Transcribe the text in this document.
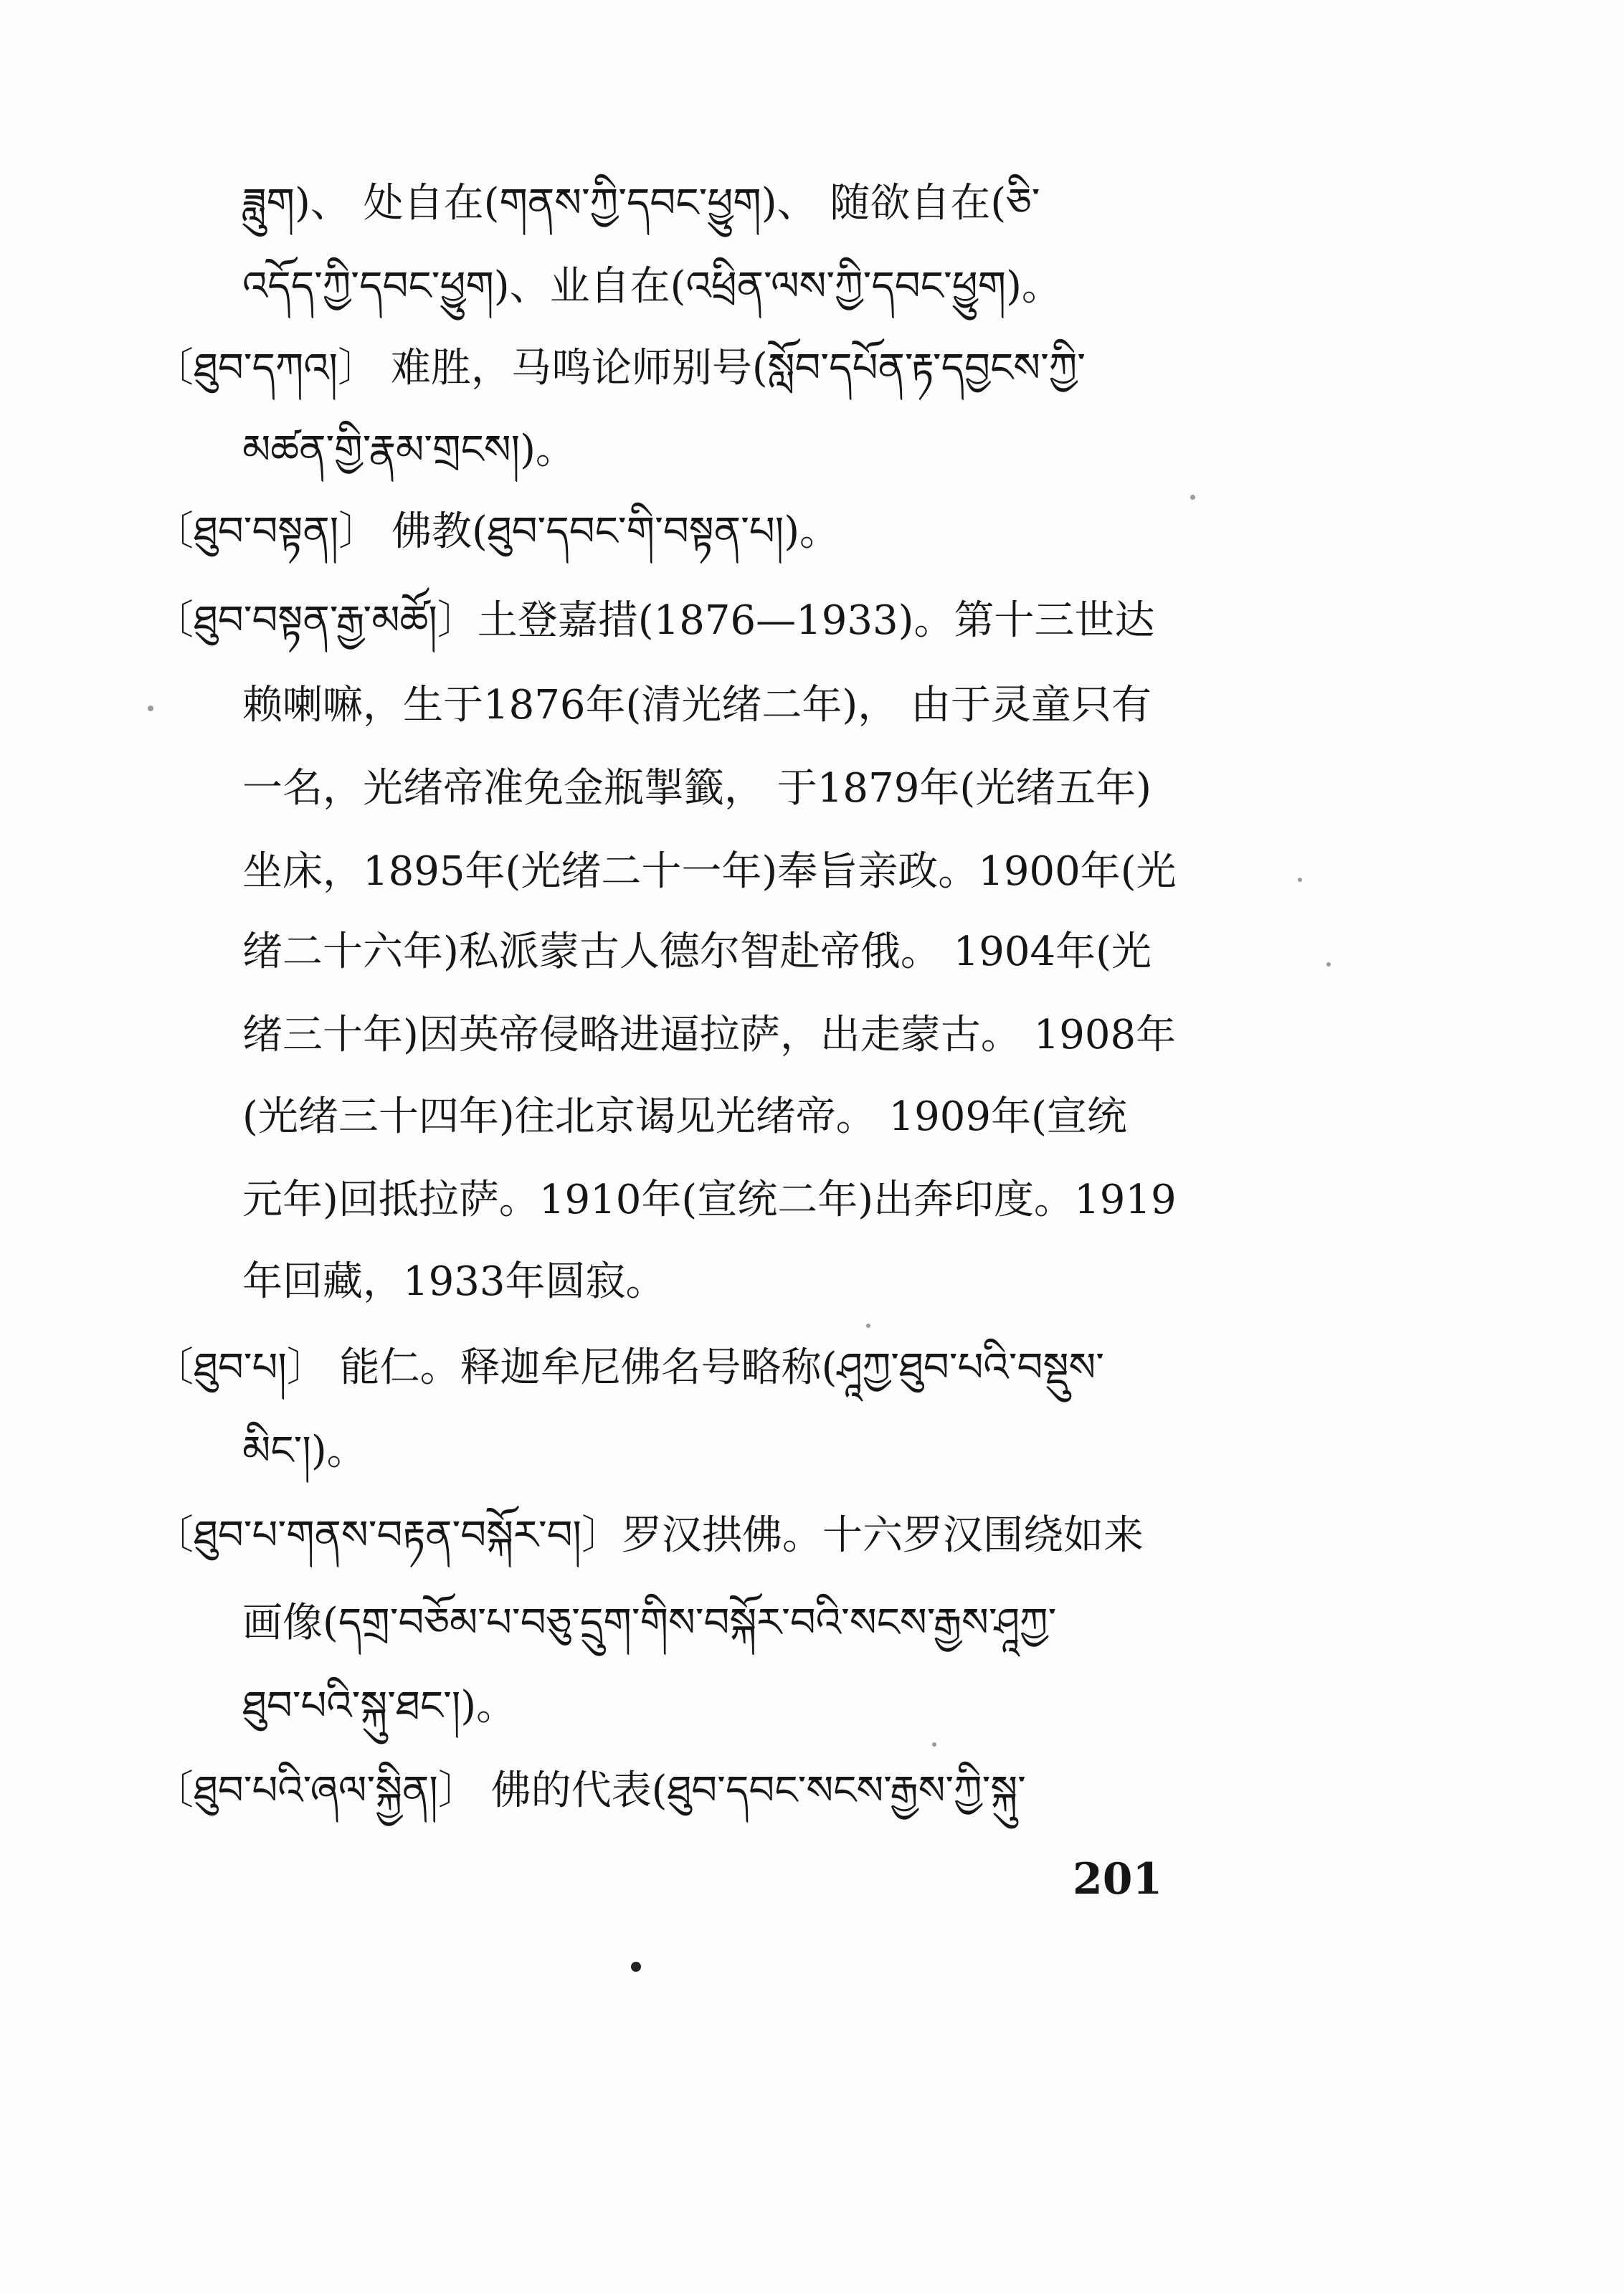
ཟླུག)、 处自在(གནས་ཀྱི་དབང་ཕྱུག)、 随欲自在(ཅི་
འདོད་ཀྱི་དབང་ཕྱུག)、业自在(འཕྲིན་ལས་ཀྱི་དབང་ཕྱུག)。
〔ཐུབ་དཀའ།〕 难胜，马鸣论师别号(སློབ་དཔོན་རྟ་དབྱངས་ཀྱི་
མཚན་གྱི་རྣམ་གྲངས།)。
〔ཐུབ་བསྟན།〕 佛教(ཐུབ་དབང་གི་བསྟན་པ།)。
〔ཐུབ་བསྟན་རྒྱ་མཚོ།〕土登嘉措(1876—1933)。第十三世达
赖喇嘛，生于1876年(清光绪二年)， 由于灵童只有
一名，光绪帝准免金瓶掣籤， 于1879年(光绪五年)
坐床，1895年(光绪二十一年)奉旨亲政。1900年(光
绪二十六年)私派蒙古人德尔智赴帝俄。 1904年(光
绪三十年)因英帝侵略进逼拉萨，出走蒙古。 1908年
(光绪三十四年)往北京谒见光绪帝。 1909年(宣统
元年)回抵拉萨。1910年(宣统二年)出奔印度。1919
年回藏，1933年圆寂。
〔ཐུབ་པ།〕 能仁。释迦牟尼佛名号略称(ཤཱཀྱ་ཐུབ་པའི་བསྡུས་
མིང་།)。
〔ཐུབ་པ་གནས་བརྟན་བསྐོར་བ།〕罗汉拱佛。十六罗汉围绕如来
画像(དགྲ་བཅོམ་པ་བཅུ་དྲུག་གིས་བསྐོར་བའི་སངས་རྒྱས་ཤཱཀྱ་
ཐུབ་པའི་སྐུ་ཐང་།)。
〔ཐུབ་པའི་ཞལ་སྐྱིན།〕 佛的代表(ཐུབ་དབང་སངས་རྒྱས་ཀྱི་སྐུ་
201
